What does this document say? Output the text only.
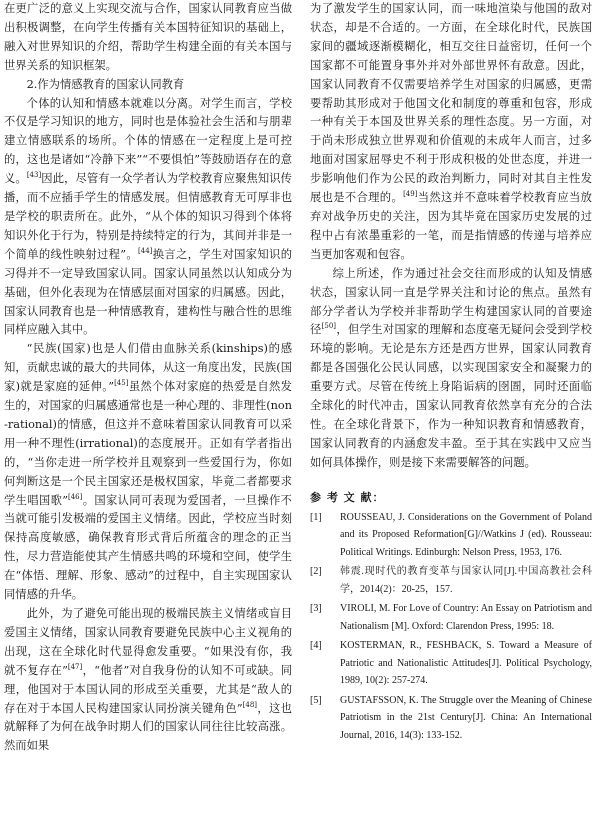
在更广泛的意义上实现交流与合作，国家认同教育应当做出积极调整，在向学生传播有关本国特征知识的基础上，融入对世界知识的介绍，帮助学生构建全面的有关本国与世界关系的知识框架。

2.作为情感教育的国家认同教育

个体的认知和情感本就难以分离。对学生而言，学校不仅是学习知识的地方，同时也是体验社会生活和与朋辈建立情感联系的场所。个体的情感在一定程度上是可控的，这也是诸如“冷静下来”“不要惧怕”等鼓励语存在的意义。[43]因此，尽管有一众学者认为学校教育应聚焦知识传播，而不应插手学生的情感发展。但情感教育无可厚非也是学校的职责所在。此外，“从个体的知识习得到个体将知识外化于行为，特别是持续特定的行为，其间并非是一个简单的线性映射过程”。[44]换言之，学生对国家知识的习得并不一定导致国家认同。国家认同虽然以认知成分为基础，但外化表现为在情感层面对国家的归属感。因此，国家认同教育也是一种情感教育，建构性与融合性的思维同样应融入其中。

“民族(国家)也是人们借由血脉关系(kinships)的感知，贡献忠诚的最大的共同体，从这一角度出发，民族(国家)就是家庭的延伸。”[45]虽然个体对家庭的热爱是自然发生的，对国家的归属感通常也是一种心理的、非理性(non-rational)的情感，但这并不意味着国家认同教育可以采用一种不理性(irrational)的态度展开。正如有学者指出的，“当你走进一所学校并且观察到一些爱国行为，你如何判断这是一个民主国家还是极权国家，毕竟二者都要求学生唱国歌”[46]。国家认同可表现为爱国者，一旦操作不当就可能引发极端的爱国主义情绪。因此，学校应当时刻保持高度敏感，确保教育形式背后所蕴含的理念的正当性，尽力营造能使其产生情感共鸣的环境和空间，使学生在“体悟、理解、形象、感动”的过程中，自主实现国家认同情感的升华。

此外，为了避免可能出现的极端民族主义情绪或盲目爱国主义情绪，国家认同教育要避免民族中心主义视角的出现，这在全球化时代显得愈发重要。“如果没有你，我就不复存在”[47]，“他者”对自我身份的认知不可或缺。同理，他国对于本国认同的形成至关重要，尤其是“敌人的存在对于本国人民构建国家认同扮演关键角色”[48]，这也就解释了为何在战争时期人们的国家认同往往比较高涨。然而如果

为了激发学生的国家认同，而一味地渲染与他国的敌对状态，却是不合适的。一方面，在全球化时代，民族国家间的疆域逐渐模糊化，相互交往日益密切，任何一个国家都不可能置身事外并对外部世界怀有敌意。因此，国家认同教育不仅需要培养学生对国家的归属感，更需要帮助其形成对于他国文化和制度的尊重和包容，形成一种有关于本国及世界关系的理性态度。另一方面，对于尚未形成独立世界观和价值观的未成年人而言，过多地面对国家屈辱史不利于形成积极的处世态度，并进一步影响他们作为公民的政治判断力，同时对其自主性发展也是不合理的。[49]当然这并不意味着学校教育应当放弃对战争历史的关注，因为其毕竟在国家历史发展的过程中占有浓墨重彩的一笔，而是指情感的传递与培养应当更加客观和包容。

综上所述，作为通过社会交往而形成的认知及情感状态，国家认同一直是学界关注和讨论的焦点。虽然有部分学者认为学校并非帮助学生构建国家认同的首要途径[50]，但学生对国家的理解和态度毫无疑问会受到学校环境的影响。无论是东方还是西方世界，国家认同教育都是各国强化公民认同感，以实现国家安全和凝聚力的重要方式。尽管在传统上身陷诟病的囹圄，同时还面临全球化的时代冲击，国家认同教育依然享有充分的合法性。在全球化背景下，作为一种知识教育和情感教育，国家认同教育的内涵愈发丰盈。至于其在实践中又应当如何具体操作，则是接下来需要解答的问题。

参 考 文 献：
[1] ROUSSEAU, J. Considerations on the Government of Poland and its Proposed Reformation[G]//Watkins J (ed). Rousseau: Political Writings. Edinburgh: Nelson Press, 1953, 176.
[2] 韩震.现时代的教育变革与国家认同[J].中国高教社会科学，2014(2)：20-25，157.
[3] VIROLI, M. For Love of Country: An Essay on Patriotism and Nationalism [M]. Oxford: Clarendon Press, 1995: 18.
[4] KOSTERMAN, R., FESHBACK, S. Toward a Measure of Patriotic and Nationalistic Attitudes[J]. Political Psychology, 1989, 10(2): 257-274.
[5] GUSTAFSSON, K. The Struggle over the Meaning of Chinese Patriotism in the 21st Century[J]. China: An International Journal, 2016, 14(3): 133-152.
